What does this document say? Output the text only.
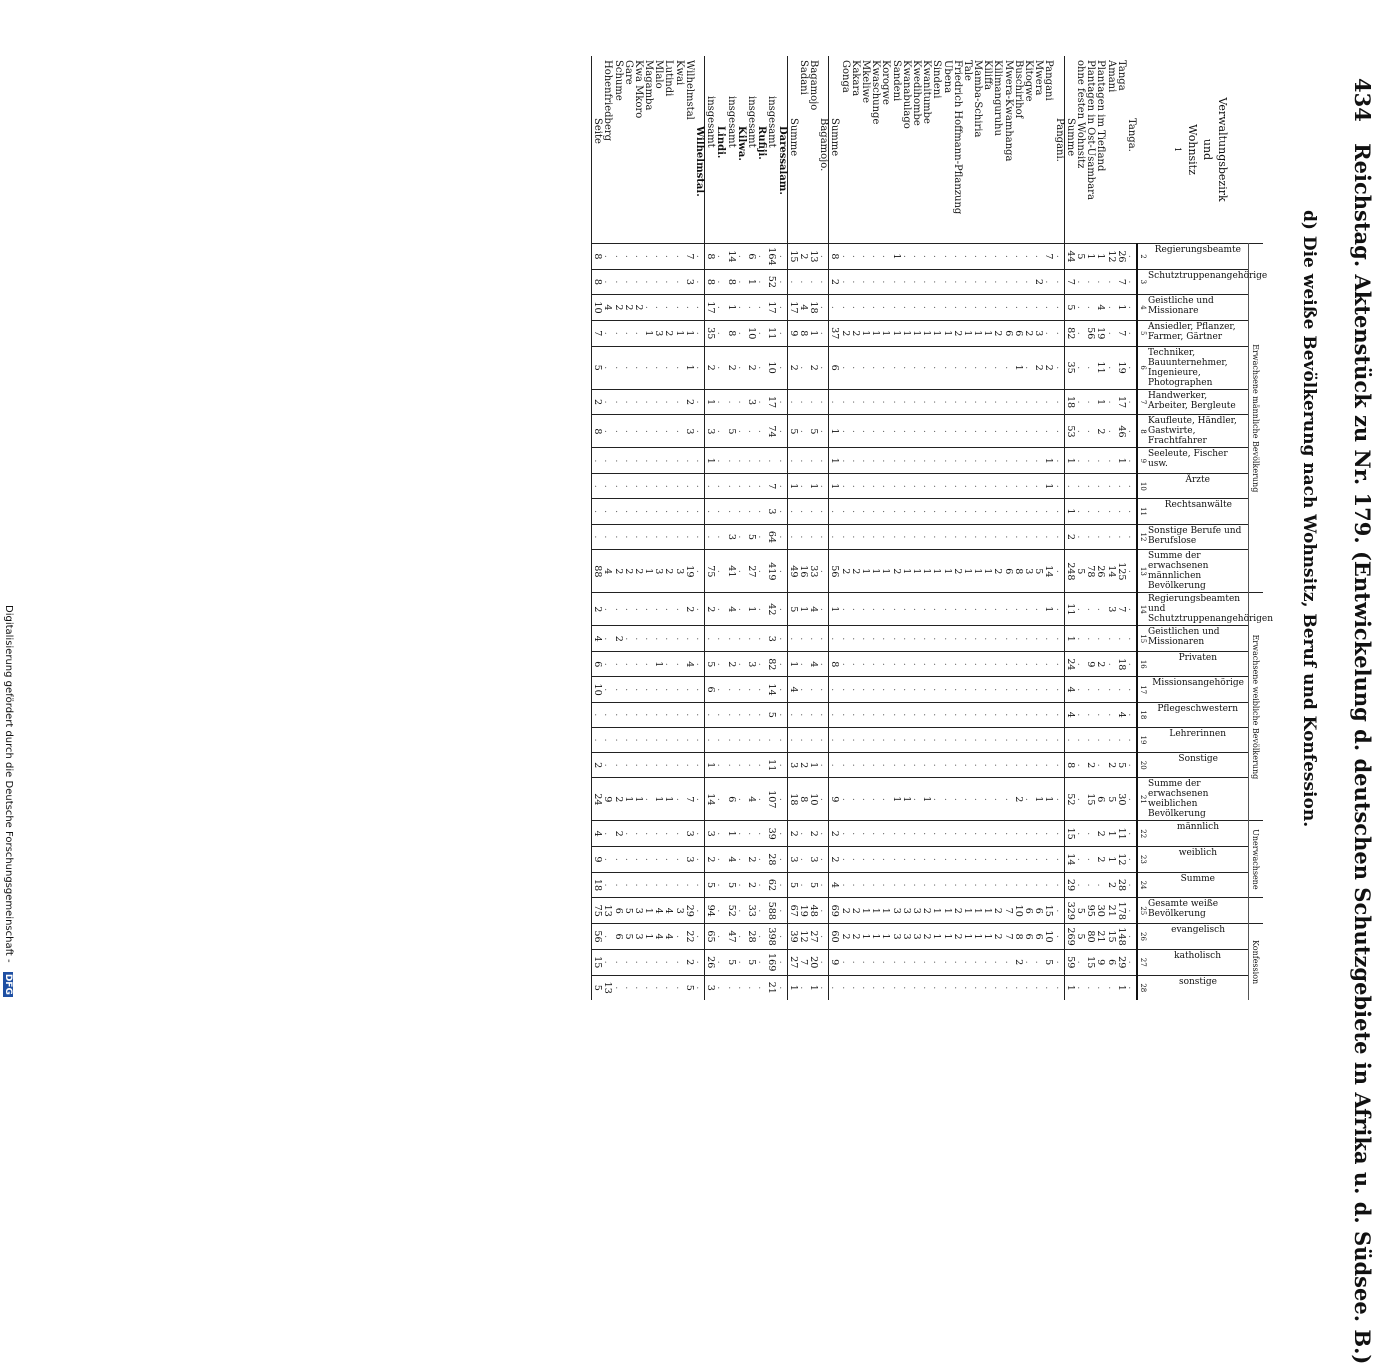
434 Reichstag. Aktenstück zu Nr. 179. (Entwickelung d. deutschen Schutzgebiete in Afrika u. d. Südsee. B.)
d) Die weiße Bevölkerung nach Wohnsitz, Beruf und Konfession.
Verwaltungsbezirk
und
Wohnsitz
1	Erwachsene männliche Bevölkerung												Erwachsene weibliche Bevölkerung								Unerwachsene				Konfession		

	Regierungsbeamte	Schutztruppenangehörige	Geistliche und Missionare	Ansiedler, Pflanzer, Farmer, Gärtner	Techniker, Bauunternehmer, Ingenieure, Photographen	Handwerker, Arbeiter, Bergleute	Kaufleute, Händler, Gastwirte, Frachtfahrer	Seeleute, Fischer usw.	Ärzte	Rechtsanwälte	Sonstige Berufe und Berufslose	Summe der erwachsenen männlichen Bevölkerung	Regierungsbeamten und Schutztruppenangehörigen	Geistlichen und Missionaren	Privaten	Missionsangehörige	Pflegeschwestern	Lehrerinnen	Sonstige	Summe der erwachsenen weiblichen Bevölkerung	männlich	weiblich	Summe	Gesamte weiße Bevölkerung	evangelisch	katholisch	sonstige

	2	3	4	5	6	7	8	9	10	11	12	13	14	15	16	17	18	19	20	21	22	23	24	25	26	27	28
Tanga.	.	.	.	.	.	.	.	.	.	.	.	.	.	.	.	.	.	.	.	.	.	.	.	.	.	.	.
Tanga	26	7	1	7	19	17	46	1	.	.	.	125	7	.	18	.	4	.	5	30	11	12	28	178	148	29	1
Amani	12	.	.	.	.	.	.	.	.	.	.	14	3	.	.	.	.	.	2	5	1	1	2	21	15	6	.
Plantagen im Tiefland	1	.	4	19	11	1	2	.	.	.	.	26	.	.	2	.	.	.	.	6	2	2	.	30	21	9	.
Plantagen in Ost-Usambara	1	.	.	56	.	.	.	.	.	.	.	78	.	.	9	.	.	.	2	15	.	.	.	95	80	15	.
ohne festen Wohnsitz	5	.	.	.	.	.	.	.	.	.	.	5	.	.	.	.	.	.	.	.	.	.	.	5	5	.	.
Summe	44	7	5	82	35	18	53	1	.	1	2	248	11	1	24	4	4	.	8	52	15	14	29	329	269	59	1
Pangani.	.	.	.	.	.	.	.	.	.	.	.	.	.	.	.	.	.	.	.	.	.	.	.	.	.	.	.
Pangani	7	.	.	.	2	.	.	1	1	.	.	14	1	.	.	.	.	.	.	1	.	.	.	15	10	5	.
Mwera	.	2	.	3	2	.	.	.	.	.	.	5	.	.	.	.	.	.	.	1	.	.	.	6	6	.	.
Kitogwe	.	.	.	2	.	.	.	.	.	.	.	3	.	.	.	.	.	.	.	.	.	.	.	6	6	.	.
Buschirihof	.	.	.	6	1	.	.	.	.	.	.	8	.	.	.	.	.	.	.	2	.	.	.	10	8	2	.
Mwera-Kwamhanga	.	.	.	6	.	.	.	.	.	.	.	6	.	.	.	.	.	.	.	.	.	.	.	7	7	.	.
Kilimanguruhu	.	.	.	2	.	.	.	.	.	.	.	2	.	.	.	.	.	.	.	.	.	.	.	2	2	.	.
Kiliffa	.	.	.	1	.	.	.	.	.	.	.	1	.	.	.	.	.	.	.	.	.	.	.	1	1	.	.
Mamba-Schiria	.	.	.	1	.	.	.	.	.	.	.	1	.	.	.	.	.	.	.	.	.	.	.	1	1	.	.
Tale	.	.	.	1	.	.	.	.	.	.	.	1	.	.	.	.	.	.	.	.	.	.	.	1	1	.	.
Friedrich Hoffmann-Pflanzung	.	.	.	2	.	.	.	.	.	.	.	2	.	.	.	.	.	.	.	.	.	.	.	2	2	.	.
Ubena	.	.	.	1	.	.	.	.	.	.	.	1	.	.	.	.	.	.	.	.	.	.	.	1	1	.	.
Sindeni	.	.	.	1	.	.	.	.	.	.	.	1	.	.	.	.	.	.	.	.	.	.	.	1	1	.	.
Kwanitumbe	.	.	.	1	.	.	.	.	.	.	.	1	.	.	.	.	.	.	.	1	.	.	.	2	2	.	.
Kwedihombe	.	.	.	1	.	.	.	.	.	.	.	1	.	.	.	.	.	.	.	.	.	.	.	3	3	.	.
Kwanabulago	.	.	.	1	.	.	.	.	.	.	.	1	.	.	.	.	.	.	.	1	.	.	.	3	3	.	.
Sandeni	1	.	.	1	.	.	.	.	.	.	.	2	.	.	.	.	.	.	.	1	.	.	.	3	3	.	.
Korogwe	.	.	.	1	.	.	.	.	.	.	.	1	.	.	.	.	.	.	.	.	.	.	.	1	1	.	.
Kwaschunge	.	.	.	1	.	.	.	.	.	.	.	1	.	.	.	.	.	.	.	.	.	.	.	1	1	.	.
Mkeliwe	.	.	.	1	.	.	.	.	.	.	.	1	.	.	.	.	.	.	.	.	.	.	.	1	1	.	.
Kakara	.	.	.	2	.	.	.	.	.	.	.	2	.	.	.	.	.	.	.	.	.	.	.	2	2	.	.
Gonga	.	.	.	2	.	.	.	.	.	.	.	2	.	.	.	.	.	.	.	.	.	.	.	2	2	.	.
Summe	8	2	.	37	6	.	1	1	1	.	.	56	1	.	8	.	.	.	.	9	2	2	4	69	60	9	.
Bagamojo.	.	.	.	.	.	.	.	.	.	.	.	.	.	.	.	.	.	.	.	.	.	.	.	.	.	.	.
Bagamojo	13	.	18	1	2	.	5	.	1	.	.	33	4	.	4	.	.	.	1	10	2	3	5	48	27	20	1
Sadani	2	.	4	8	.	.	.	.	.	.	.	16	1	.	.	.	.	.	2	8	.	.	.	19	12	7	.
Summe	15	.	17	9	2	.	5	.	1	.	.	49	5	.	1	4	.	.	3	18	2	3	5	67	39	27	1
Daressalam.	.	.	.	.	.	.	.	.	.	.	.	.	.	.	.	.	.	.	.	.	.	.	.	.	.	.	.
insgesamt	164	52	17	11	10	17	74	.	7	3	64	419	42	3	82	14	5	.	11	107	39	28	62	588	398	169	21
Rufiji.	.	.	.	.	.	.	.	.	.	.	.	.	.	.	.	.	.	.	.	.	.	.	.	.	.	.	.
insgesamt	6	1	.	10	2	3	.	.	.	.	5	27	1	.	3	.	.	.	.	4	.	2	2	33	28	5	.
Kilwa.	.	.	.	.	.	.	.	.	.	.	.	.	.	.	.	.	.	.	.	.	.	.	.	.	.	.	.
insgesamt	14	8	1	8	2	.	5	.	.	.	3	41	4	.	2	.	.	.	.	6	1	4	5	52	47	5	.
Lindi.	.	.	.	.	.	.	.	.	.	.	.	.	.	.	.	.	.	.	.	.	.	.	.	.	.	.	.
insgesamt	8	8	17	35	2	1	3	1	.	.	.	75	2	.	5	6	.	.	1	14	3	2	5	94	65	26	3
Wilhelmstal.	.	.	.	.	.	.	.	.	.	.	.	.	.	.	.	.	.	.	.	.	.	.	.	.	.	.	.
Wilhelmstal	7	3	.	1	1	2	3	.	.	.	.	19	2	.	4	.	.	.	.	7	3	3	.	29	22	2	5
Kwai	.	.	.	1	.	.	.	.	.	.	.	3	.	.	.	.	.	.	.	.	.	.	.	3	.	.	.
Lutindi	.	.	.	2	.	.	.	.	.	.	.	2	.	.	.	.	.	.	.	1	.	.	.	4	4	.	.
Mlalo	.	.	.	3	.	.	.	.	.	.	.	3	.	.	1	.	.	.	.	1	.	.	.	4	4	.	.
Magamba	.	.	.	1	.	.	.	.	.	.	.	1	.	.	.	.	.	.	.	.	.	.	.	1	1	.	.
Kwa Mkoro	.	.	2	.	.	.	.	.	.	.	.	2	.	.	.	.	.	.	.	1	.	.	.	3	3	.	.
Gare	.	.	2	.	.	.	.	.	.	.	.	2	.	.	.	.	.	.	.	1	.	.	.	5	5	.	.
Schume	.	.	2	.	.	.	.	.	.	.	.	2	.	2	.	.	.	.	.	2	2	.	.	6	6	.	.
Hohenfriedberg	.	.	4	.	.	.	.	.	.	.	.	4	.	.	.	.	.	.	.	9	.	.	.	13	.	.	13
Seite	8	8	10	7	5	2	8	.	.	.	.	88	2	4	6	10	.	.	2	24	4	9	18	75	56	15	5
Digitalisierung gefördert durch die Deutsche Forschungsgemeinschaft - DFG
